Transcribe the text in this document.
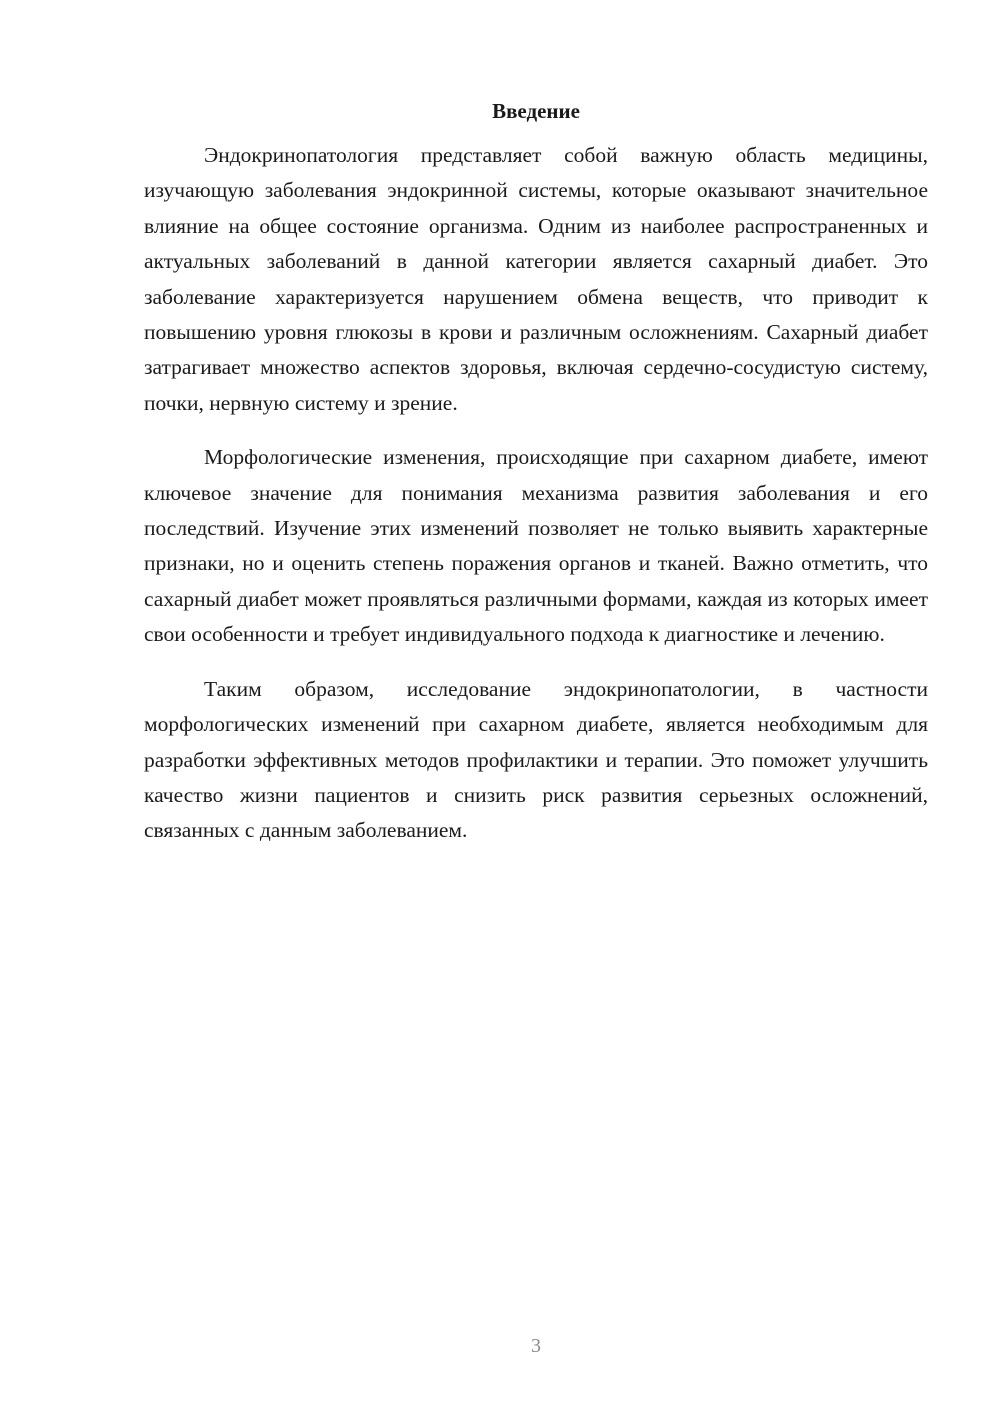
Введение

Эндокринопатология представляет собой важную область медицины, изучающую заболевания эндокринной системы, которые оказывают значительное влияние на общее состояние организма. Одним из наиболее распространенных и актуальных заболеваний в данной категории является сахарный диабет. Это заболевание характеризуется нарушением обмена веществ, что приводит к повышению уровня глюкозы в крови и различным осложнениям. Сахарный диабет затрагивает множество аспектов здоровья, включая сердечно-сосудистую систему, почки, нервную систему и зрение.

Морфологические изменения, происходящие при сахарном диабете, имеют ключевое значение для понимания механизма развития заболевания и его последствий. Изучение этих изменений позволяет не только выявить характерные признаки, но и оценить степень поражения органов и тканей. Важно отметить, что сахарный диабет может проявляться различными формами, каждая из которых имеет свои особенности и требует индивидуального подхода к диагностике и лечению.

Таким образом, исследование эндокринопатологии, в частности морфологических изменений при сахарном диабете, является необходимым для разработки эффективных методов профилактики и терапии. Это поможет улучшить качество жизни пациентов и снизить риск развития серьезных осложнений, связанных с данным заболеванием.

3
